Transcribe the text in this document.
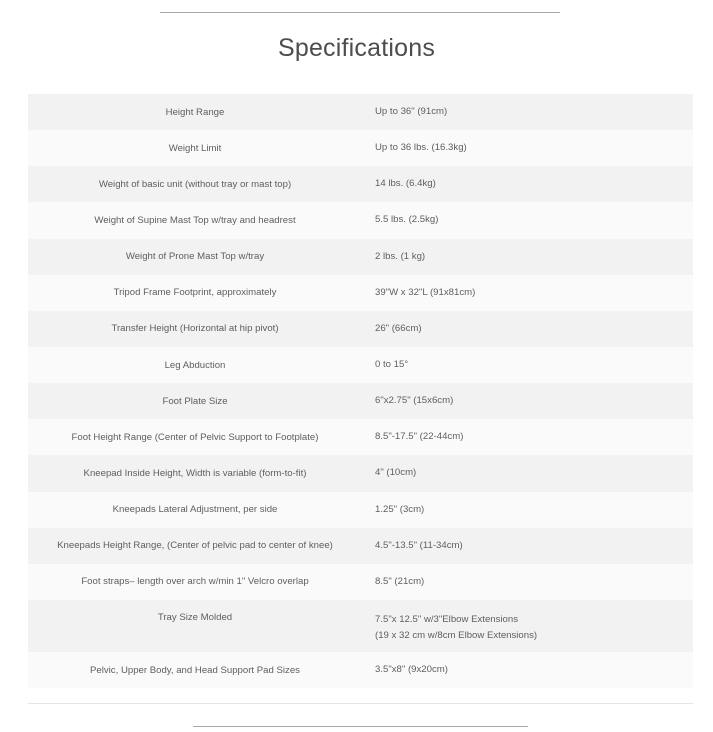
Specifications
Height Range	Up to 36" (91cm)
Weight Limit	Up to 36 lbs. (16.3kg)
Weight of basic unit (without tray or mast top)	14 lbs. (6.4kg)
Weight of Supine Mast Top w/tray and headrest	5.5 lbs. (2.5kg)
Weight of Prone Mast Top w/tray	2 lbs. (1 kg)
Tripod Frame Footprint, approximately	39"W x 32"L (91x81cm)
Transfer Height (Horizontal at hip pivot)	26" (66cm)
Leg Abduction	0 to 15°
Foot Plate Size	6"x2.75" (15x6cm)
Foot Height Range (Center of Pelvic Support to Footplate)	8.5"-17.5" (22-44cm)
Kneepad Inside Height, Width is variable (form-to-fit)	4" (10cm)
Kneepads Lateral Adjustment, per side	1.25" (3cm)
Kneepads Height Range, (Center of pelvic pad to center of knee)	4.5"-13.5" (11-34cm)
Foot straps– length over arch w/min 1" Velcro overlap	8.5" (21cm)
Tray Size Molded	7.5"x 12.5" w/3"Elbow Extensions
(19 x 32 cm w/8cm Elbow Extensions)

Pelvic, Upper Body, and Head Support Pad Sizes	3.5"x8" (9x20cm)
